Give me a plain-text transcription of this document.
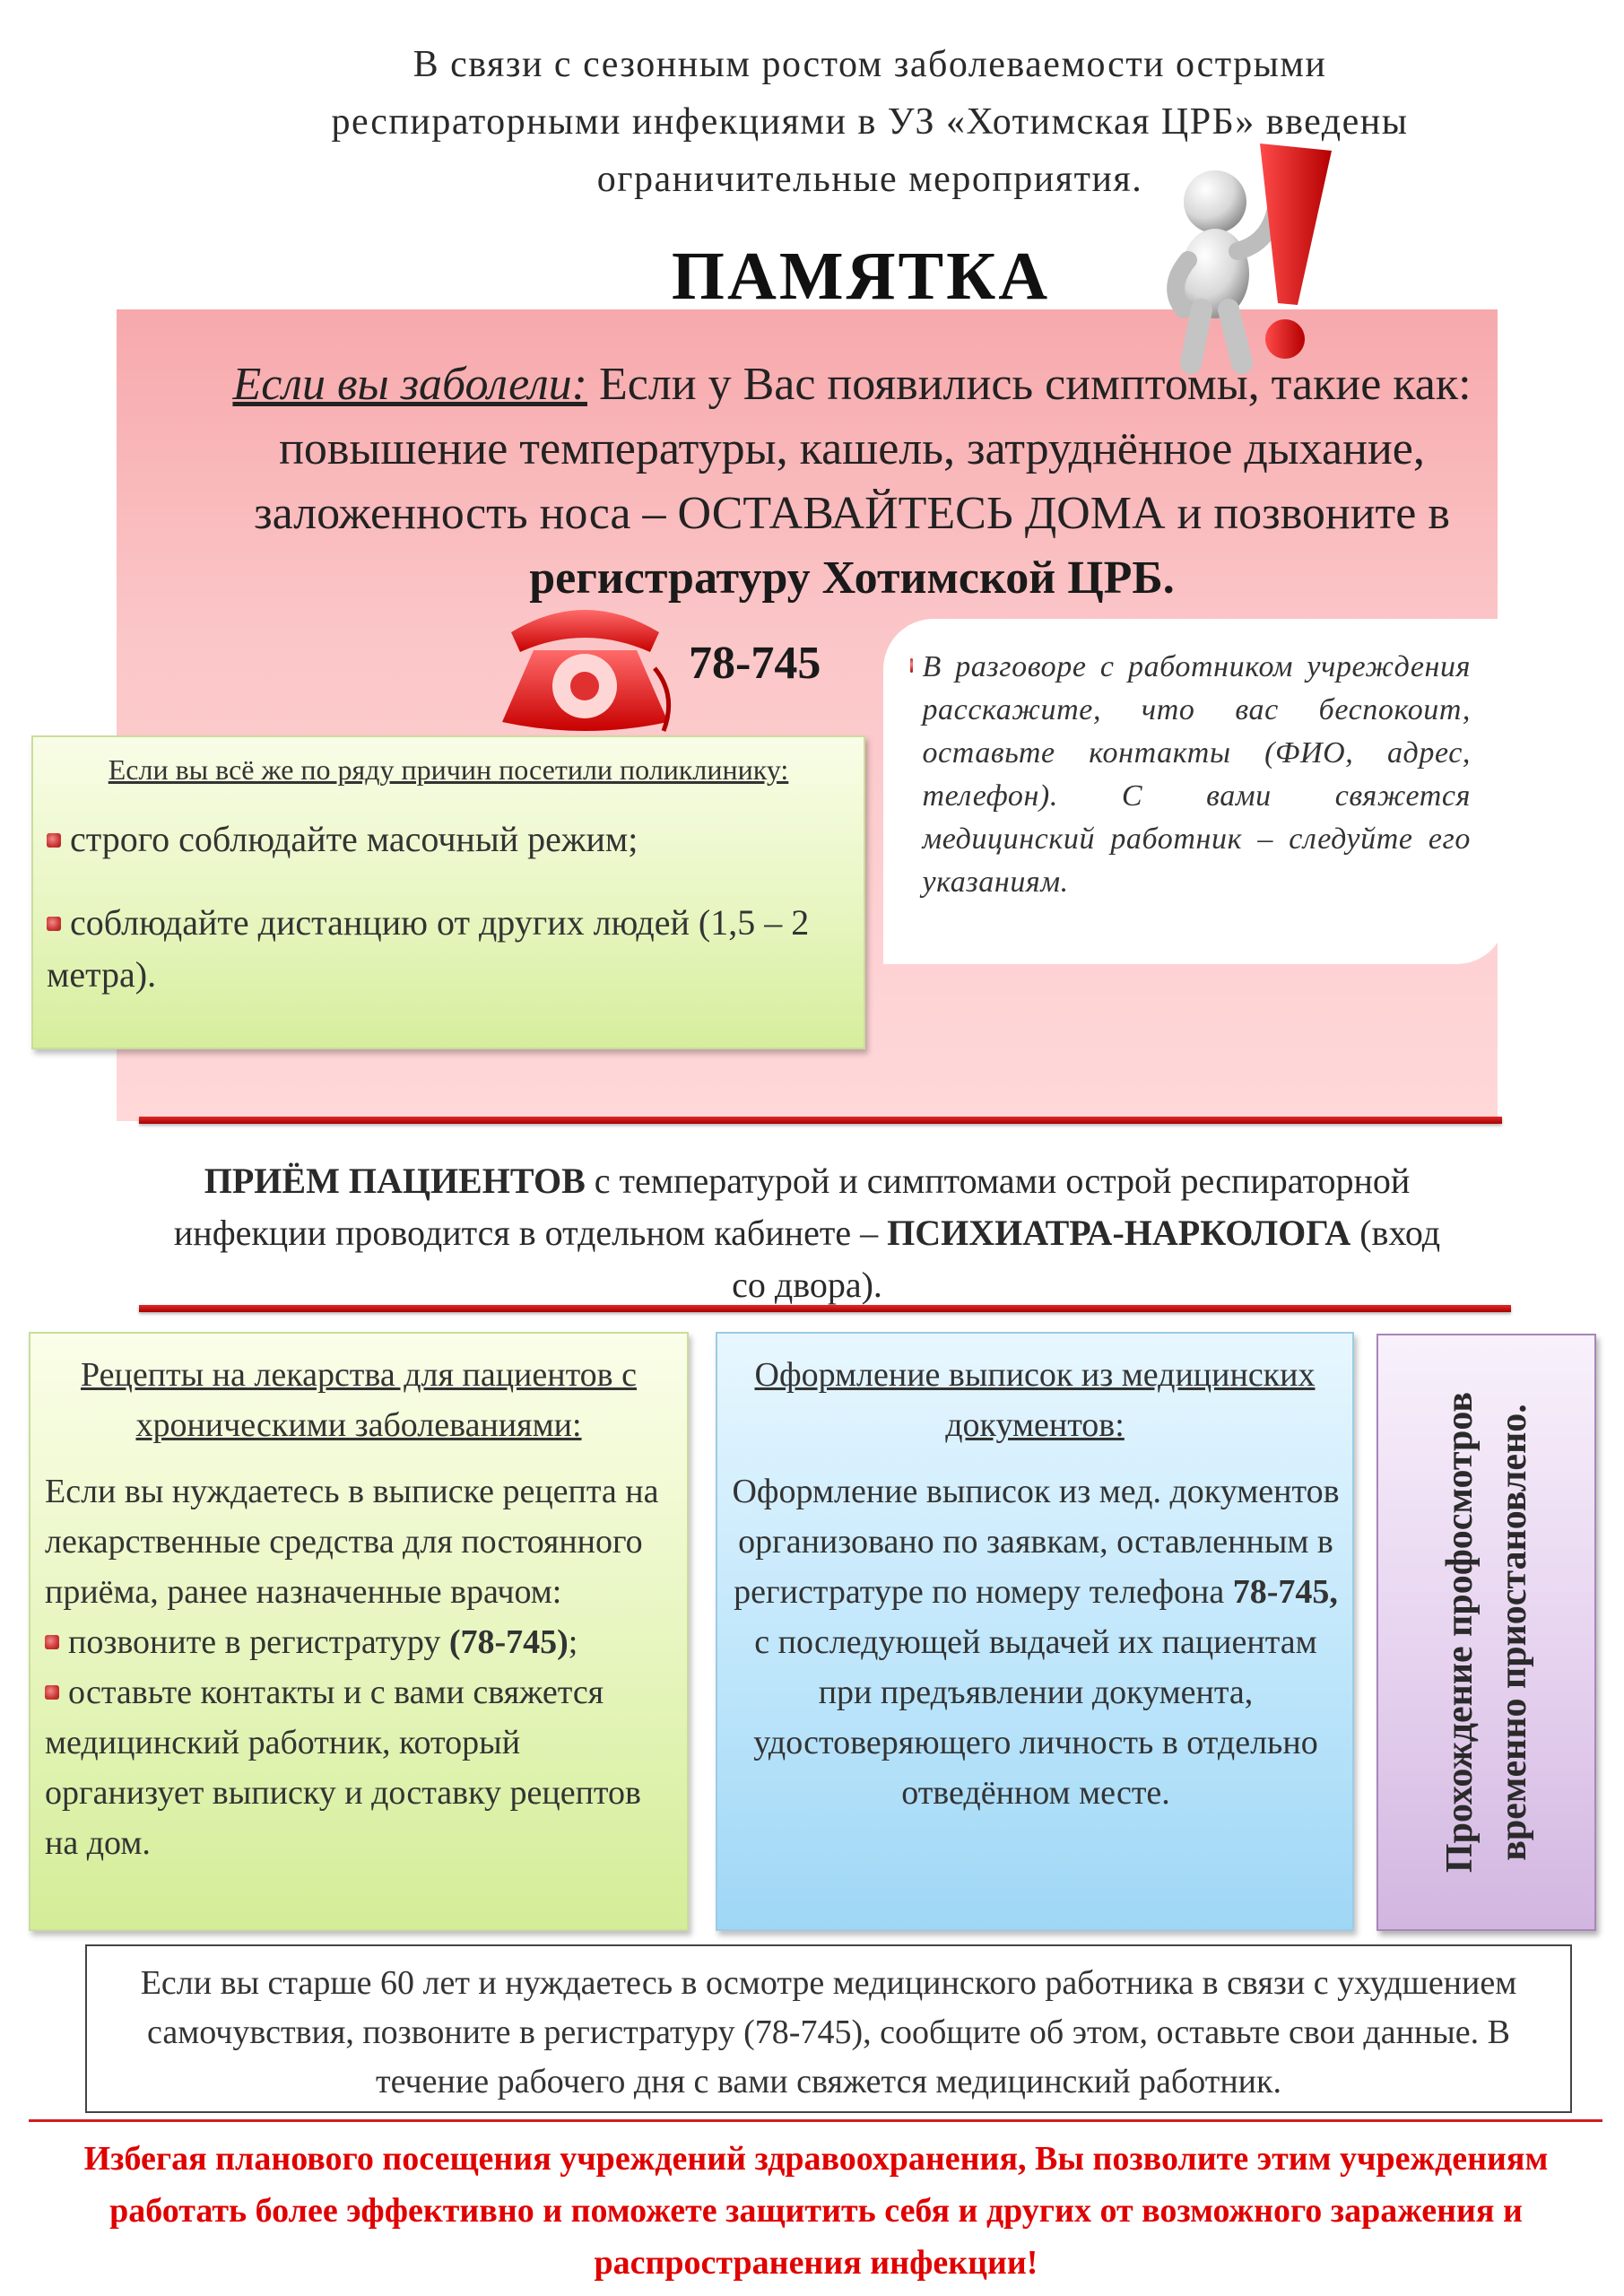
В связи с сезонным ростом заболеваемости острыми
респираторными инфекциями в УЗ «Хотимская ЦРБ» введены
ограничительные мероприятия.
ПАМЯТКА
Если вы заболели: Если у Вас появились симптомы, такие как: повышение температуры, кашель, затруднённое дыхание, заложенность носа – ОСТАВАЙТЕСЬ ДОМА и позвоните в регистратуру Хотимской ЦРБ.
78-745	В разговоре с работником учреждения расскажите, что вас беспокоит, оставьте контакты (ФИО, адрес, телефон). С вами свяжется медицинский работник – следуйте его указаниям.
Если вы всё же по ряду причин посетили поликлинику:
строго соблюдайте масочный режим;
соблюдайте дистанцию от других людей (1,5 – 2 метра).
ПРИЁМ ПАЦИЕНТОВ с температурой и симптомами острой респираторной инфекции проводится в отдельном кабинете – ПСИХИАТРА-НАРКОЛОГА (вход со двора).
Рецепты на лекарства для пациентов с хроническими заболеваниями:
Если вы нуждаетесь в выписке рецепта на лекарственные средства для постоянного приёма, ранее назначенные врачом:
позвоните в регистратуру (78-745);
оставьте контакты и с вами свяжется медицинский работник, который организует выписку и доставку рецептов на дом.
Оформление выписок из медицинских документов:
Оформление выписок из мед. документов организовано по заявкам, оставленным в регистратуре по номеру телефона 78-745, с последующей выдачей их пациентам при предъявлении документа, удостоверяющего личность в отдельно отведённом месте.	Прохождение профосмотров временно приостановлено.
Если вы старше 60 лет и нуждаетесь в осмотре медицинского работника в связи с ухудшением самочувствия, позвоните в регистратуру (78-745), сообщите об этом, оставьте свои данные. В течение рабочего дня с вами свяжется медицинский работник.
Избегая планового посещения учреждений здравоохранения, Вы позволите этим учреждениям работать более эффективно и поможете защитить себя и других от возможного заражения и распространения инфекции!
